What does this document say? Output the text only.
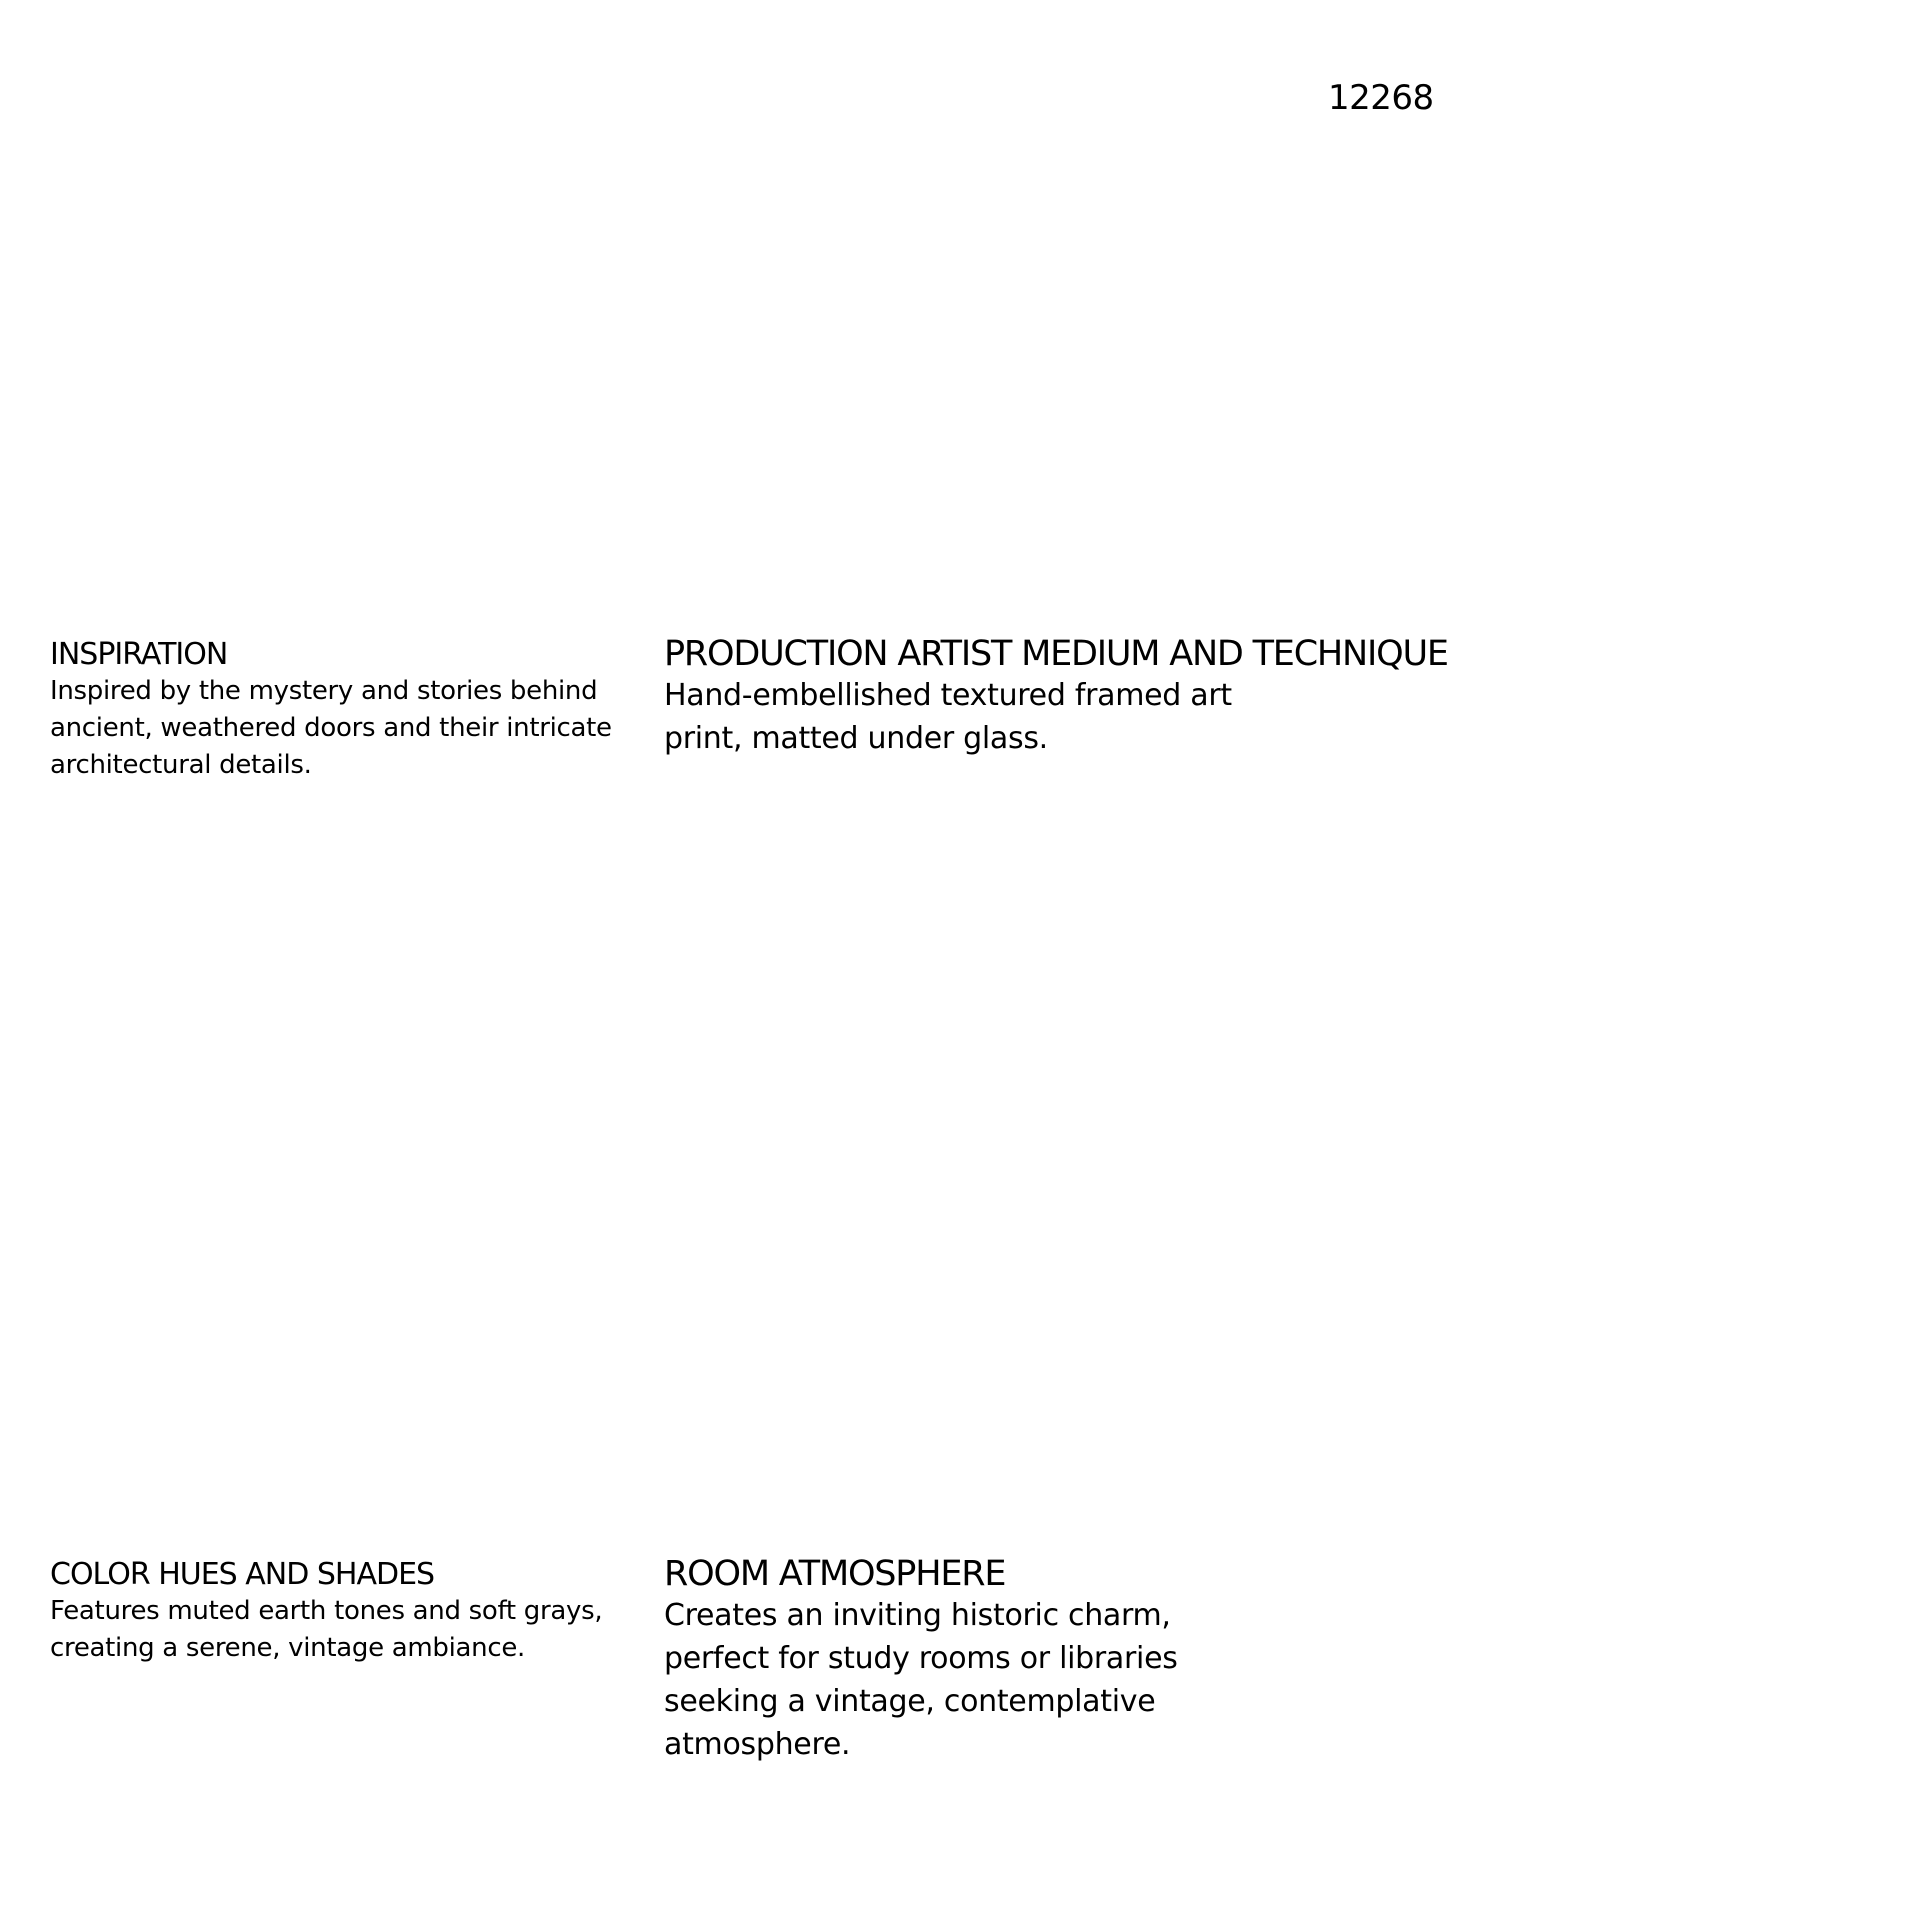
12268
INSPIRATION
Inspired by the mystery and stories behind
ancient, weathered doors and their intricate
architectural details.
PRODUCTION ARTIST MEDIUM AND TECHNIQUE
Hand-embellished textured framed art
print, matted under glass.
COLOR HUES AND SHADES
Features muted earth tones and soft grays,
creating a serene, vintage ambiance.
ROOM ATMOSPHERE
Creates an inviting historic charm,
perfect for study rooms or libraries
seeking a vintage, contemplative
atmosphere.
